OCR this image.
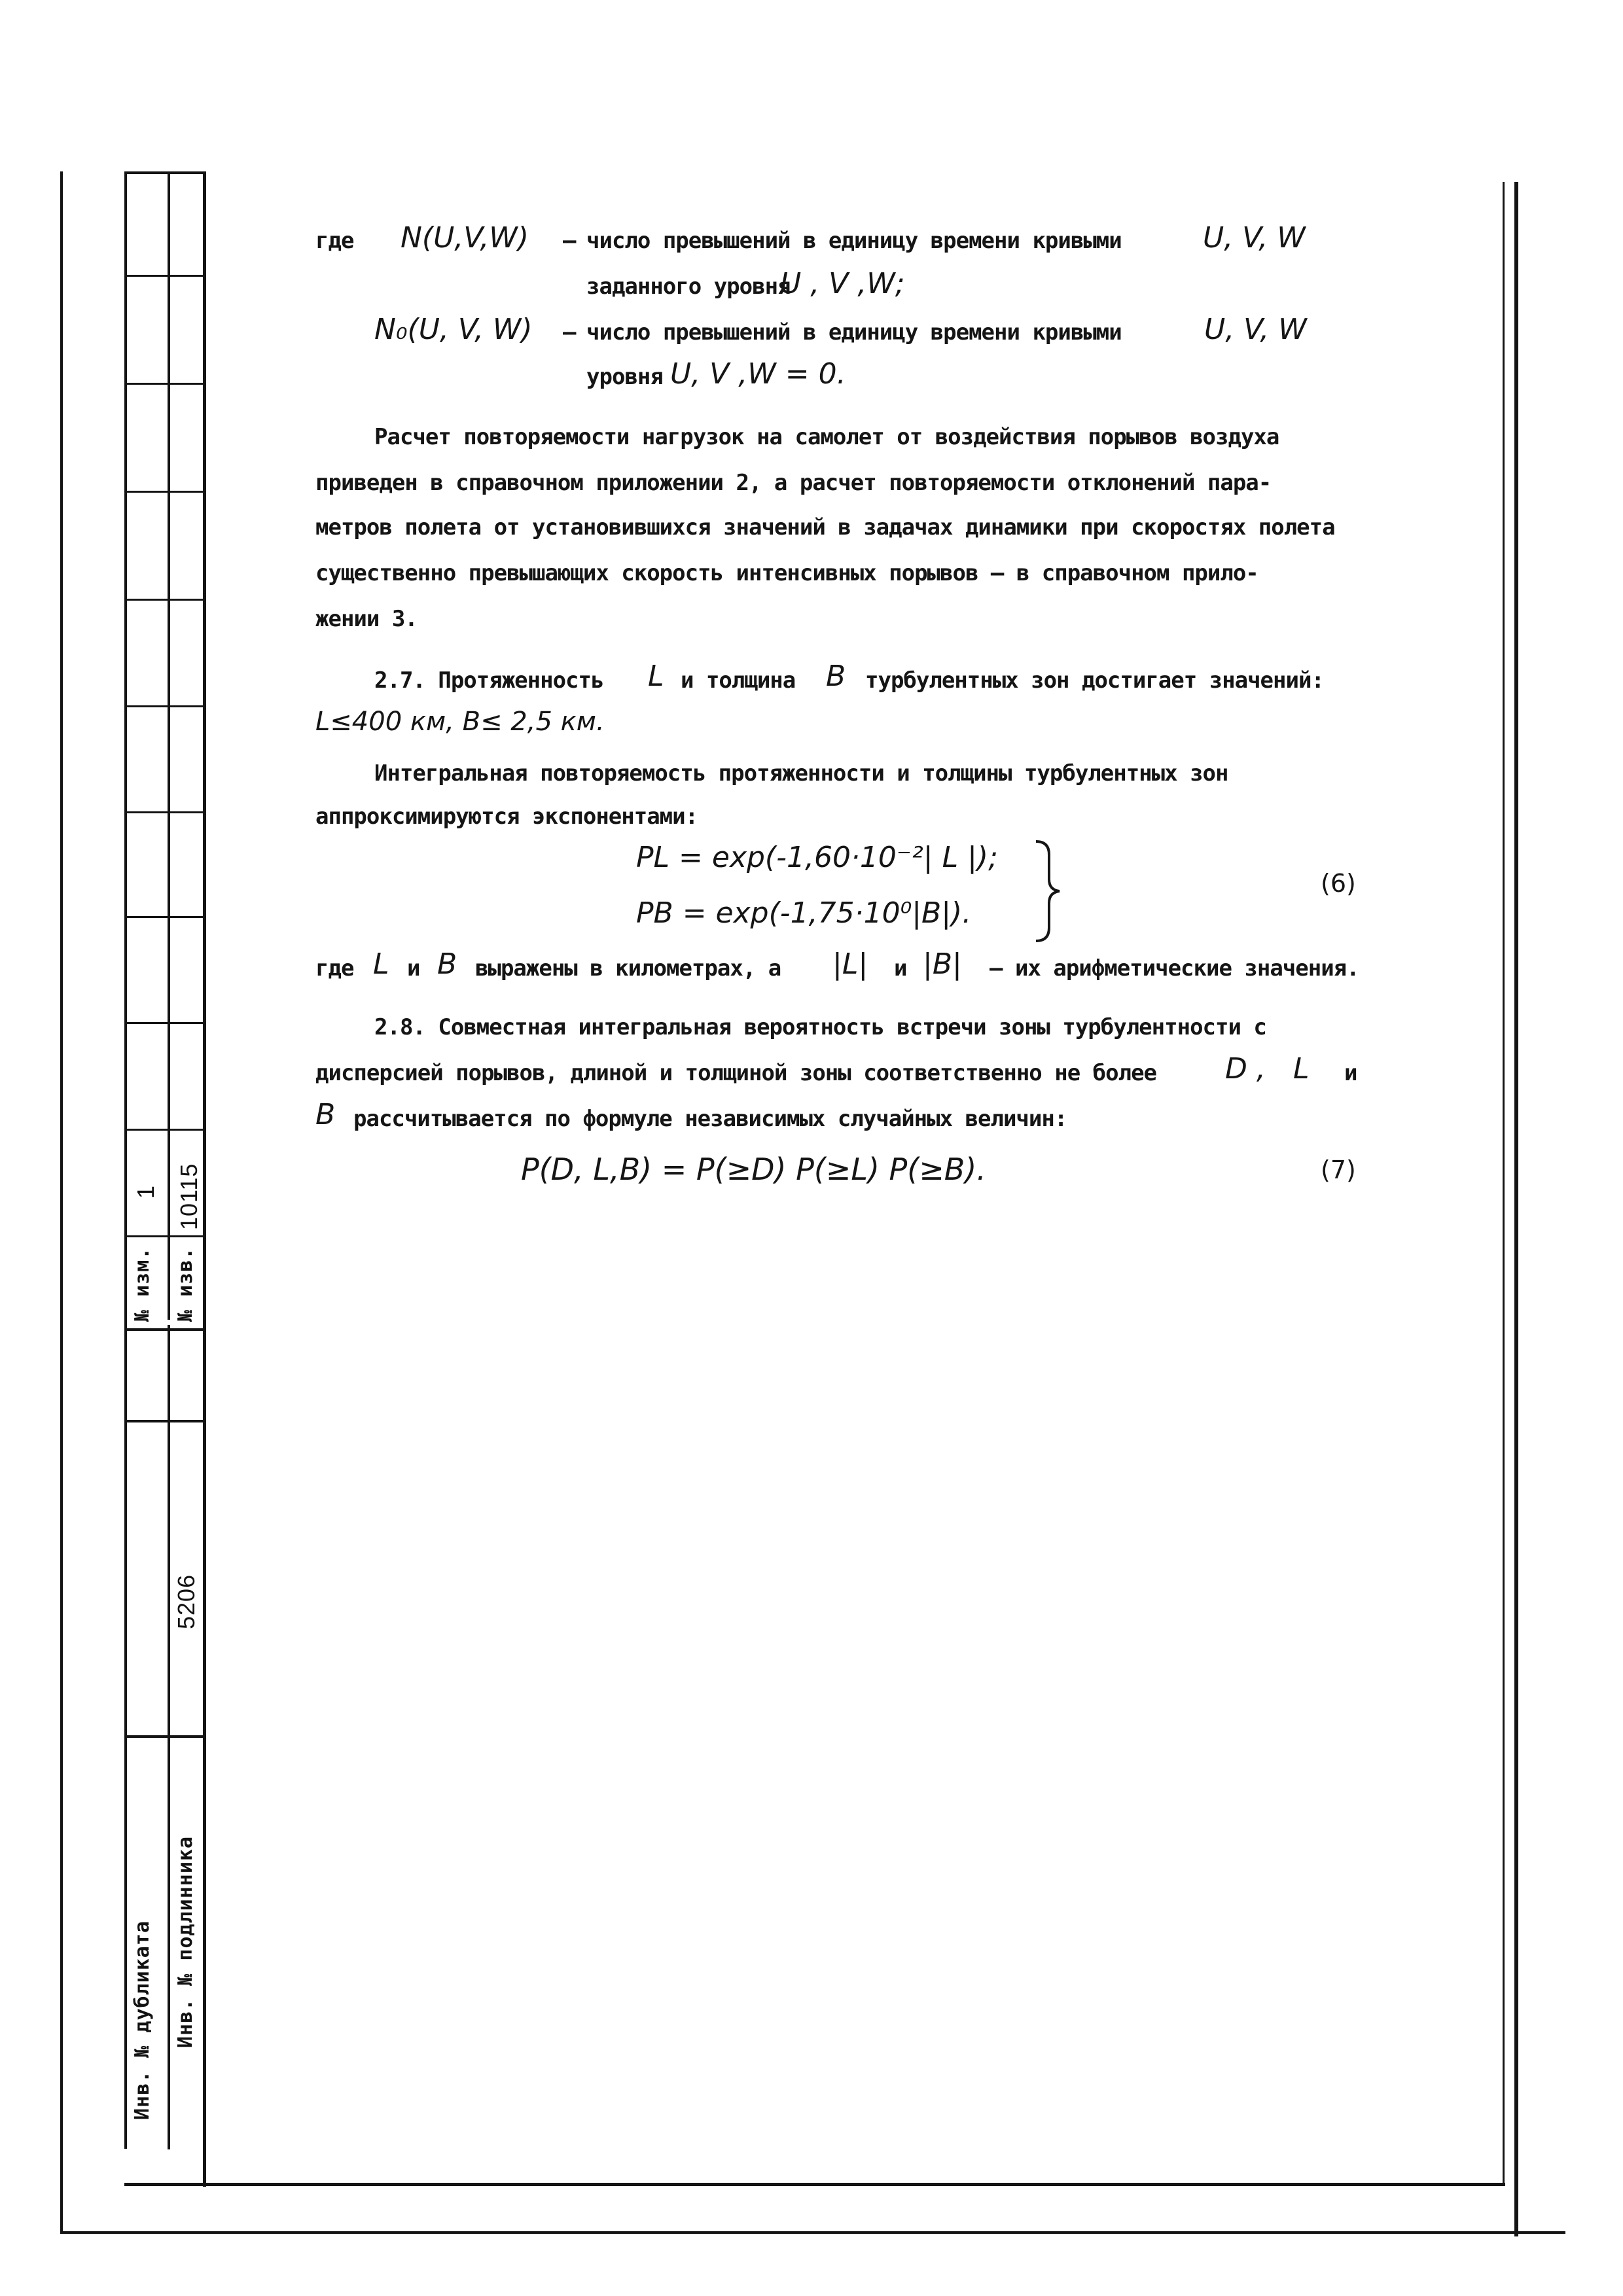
№ изм. № изв.
1 10115
5206
Инв. № дубликата Инв. № подлинника
где N(U,V,W) – число превышений в единицу времени кривыми	U, V, W
заданного уровня
U , V ,W;
N₀(U, V, W) – число превышений в единицу времени кривыми	U, V, W
уровня U, V ,W = 0.
Расчет повторяемости нагрузок на самолет от воздействия порывов воздуха
приведен в справочном приложении 2, а расчет повторяемости отклонений пара-
метров полета от установившихся значений в задачах динамики при скоростях полета
существенно превышающих скорость интенсивных порывов – в справочном прило-
жении 3.
2.7. Протяженность L и толщина B турбулентных зон достигает значений:
L≤400 км, B≤ 2,5 км.
Интегральная повторяемость протяженности и толщины турбулентных зон
аппроксимируются экспонентами:
PL = exp(-1,60·10⁻²| L |);
PB = exp(-1,75·10⁰|B|).
(6)
где L и B выражены в километрах, а |L| и |B| – их арифметические значения.
2.8. Совместная интегральная вероятность встречи зоны турбулентности с
дисперсией порывов, длиной и толщиной зоны соответственно не более D , L и
B рассчитывается по формуле независимых случайных величин:
P(D, L,B) = P(≥D) P(≥L) P(≥B).	(7)
